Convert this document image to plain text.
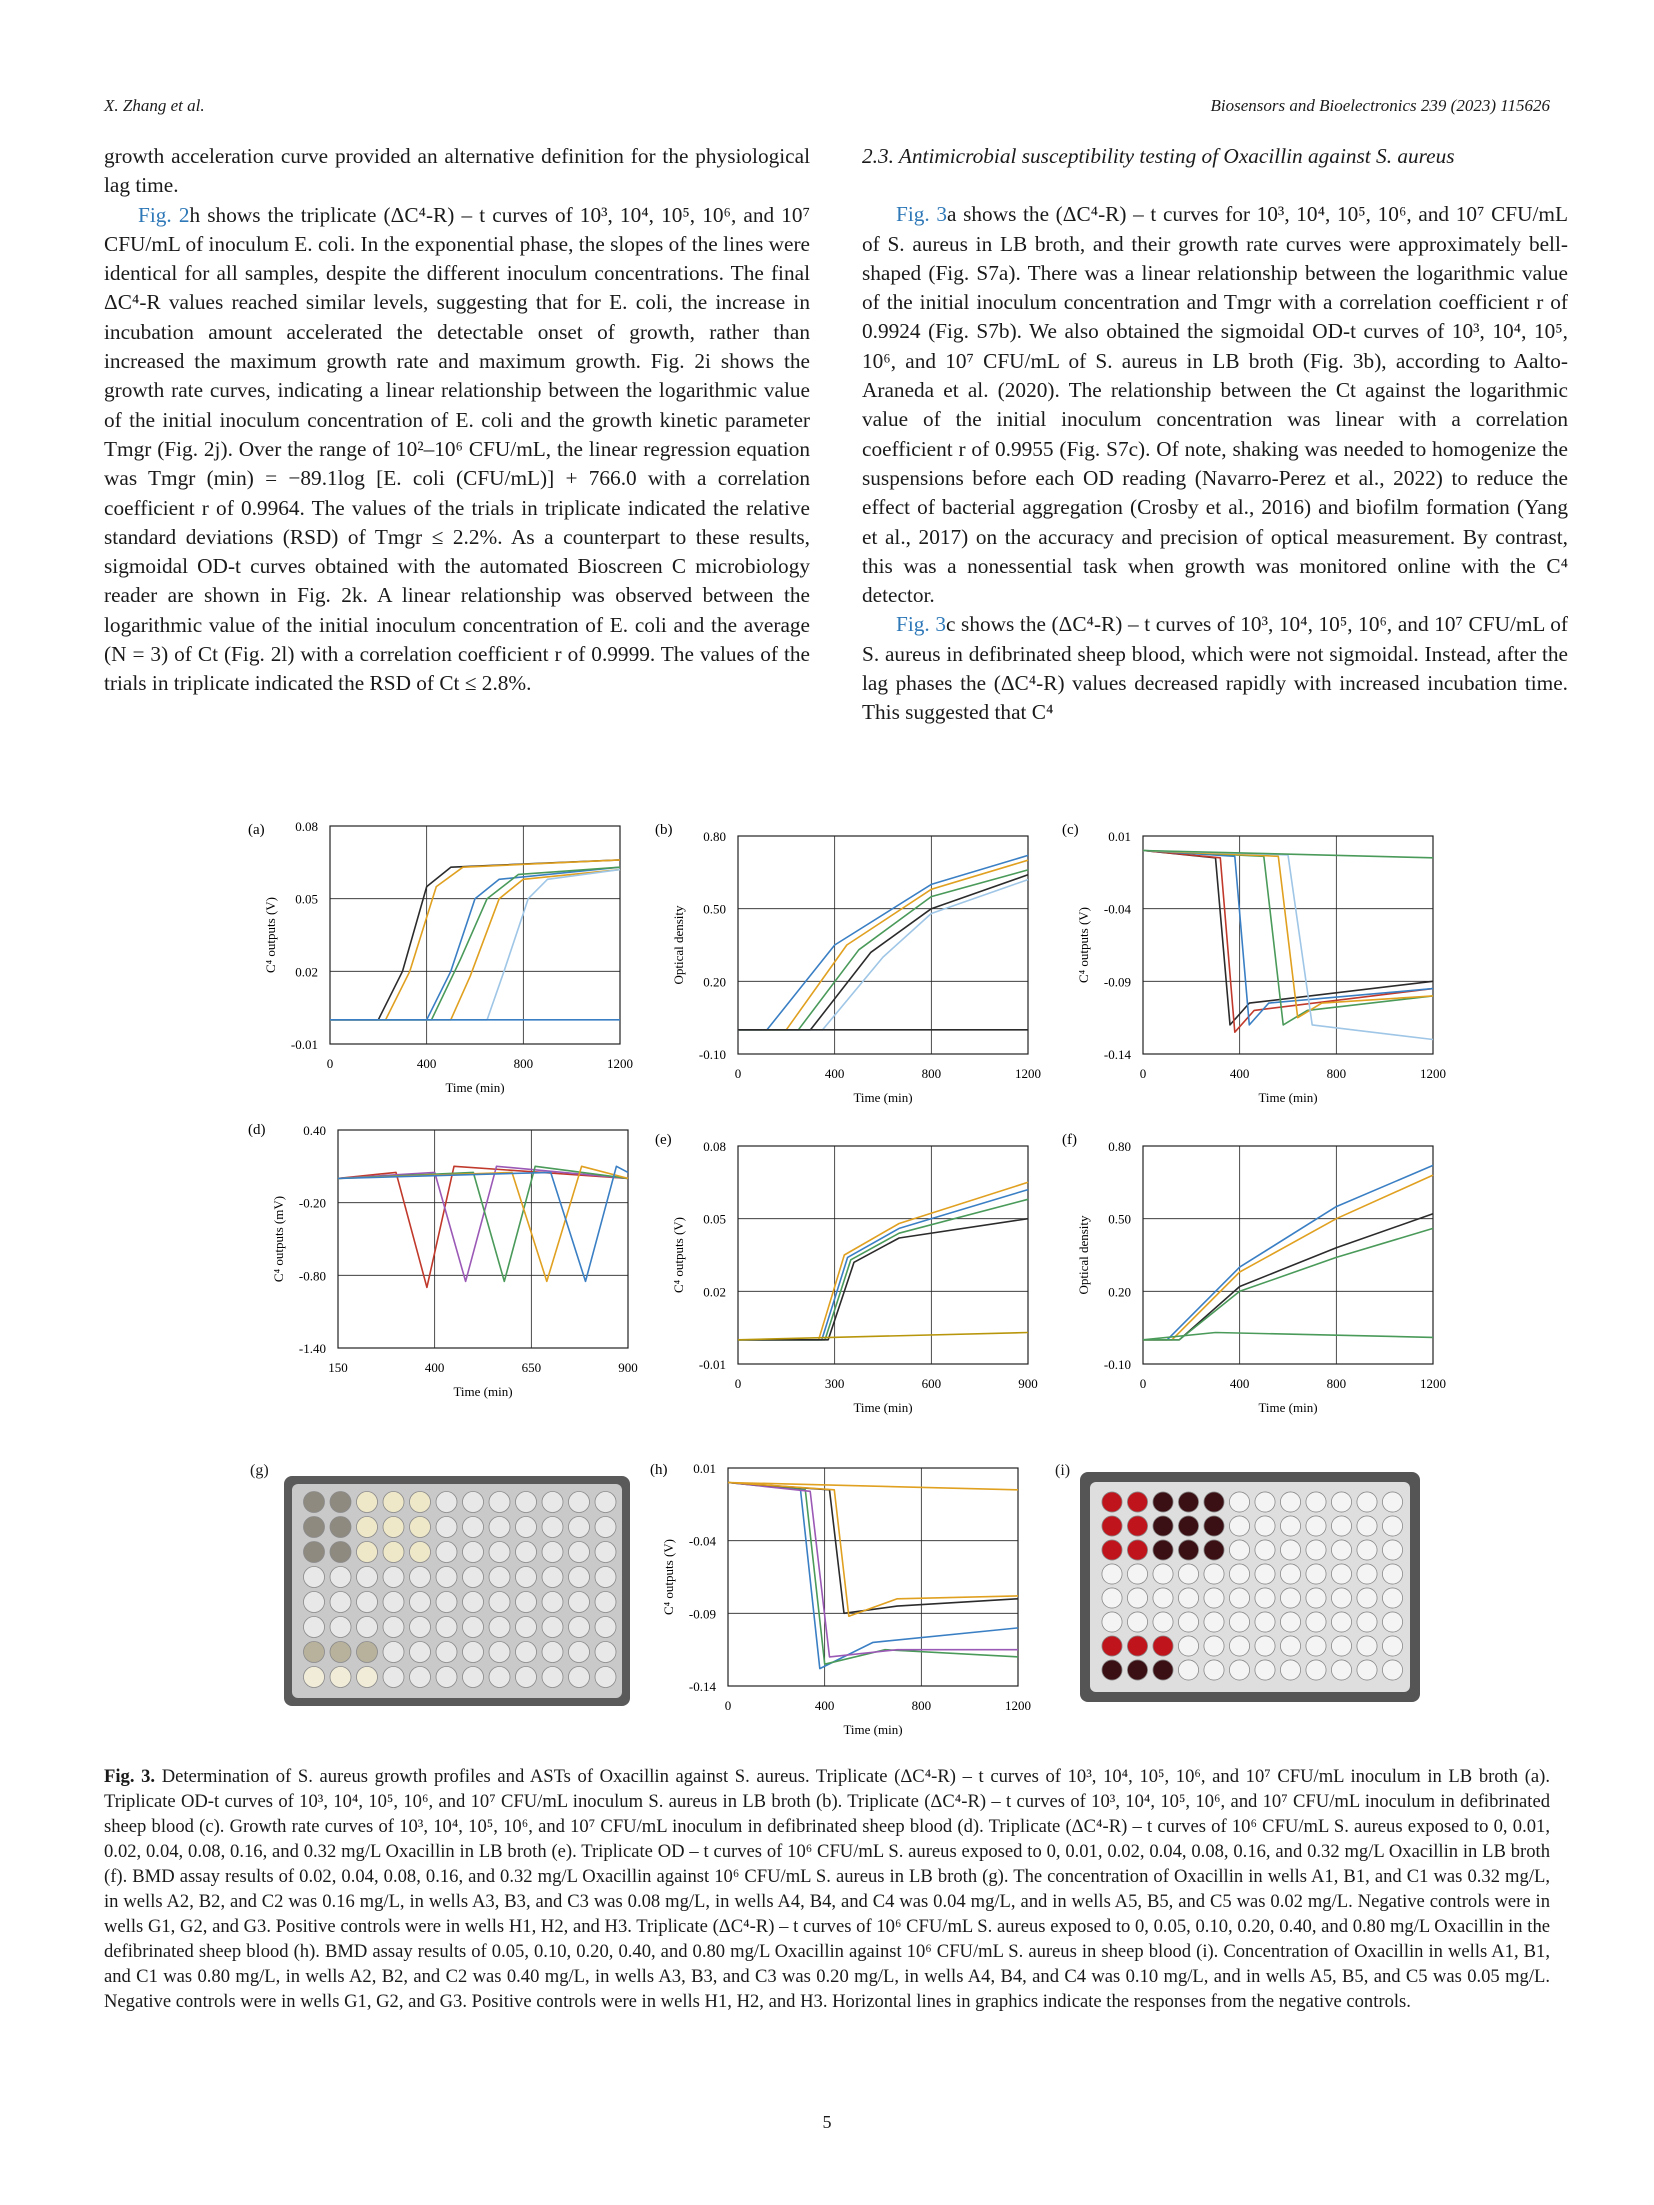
X. Zhang et al.	Biosensors and Bioelectronics 239 (2023) 115626

growth acceleration curve provided an alternative definition for the physiological lag time.

Fig. 2h shows the triplicate (ΔC⁴-R) – t curves of 10³, 10⁴, 10⁵, 10⁶, and 10⁷ CFU/mL of inoculum E. coli. In the exponential phase, the slopes of the lines were identical for all samples, despite the different inoculum concentrations. The final ΔC⁴-R values reached similar levels, suggesting that for E. coli, the increase in incubation amount accelerated the detectable onset of growth, rather than increased the maximum growth rate and maximum growth. Fig. 2i shows the growth rate curves, indicating a linear relationship between the logarithmic value of the initial inoculum concentration of E. coli and the growth kinetic parameter Tmgr (Fig. 2j). Over the range of 10²–10⁶ CFU/mL, the linear regression equation was Tmgr (min) = −89.1log [E. coli (CFU/mL)] + 766.0 with a correlation coefficient r of 0.9964. The values of the trials in triplicate indicated the relative standard deviations (RSD) of Tmgr ≤ 2.2%. As a counterpart to these results, sigmoidal OD-t curves obtained with the automated Bioscreen C microbiology reader are shown in Fig. 2k. A linear relationship was observed between the logarithmic value of the initial inoculum concentration of E. coli and the average (N = 3) of Ct (Fig. 2l) with a correlation coefficient r of 0.9999. The values of the trials in triplicate indicated the RSD of Ct ≤ 2.8%.

2.3. Antimicrobial susceptibility testing of Oxacillin against S. aureus

Fig. 3a shows the (ΔC⁴-R) – t curves for 10³, 10⁴, 10⁵, 10⁶, and 10⁷ CFU/mL of S. aureus in LB broth, and their growth rate curves were approximately bell-shaped (Fig. S7a). There was a linear relationship between the logarithmic value of the initial inoculum concentration and Tmgr with a correlation coefficient r of 0.9924 (Fig. S7b). We also obtained the sigmoidal OD-t curves of 10³, 10⁴, 10⁵, 10⁶, and 10⁷ CFU/mL of S. aureus in LB broth (Fig. 3b), according to Aalto-Araneda et al. (2020). The relationship between the Ct against the logarithmic value of the initial inoculum concentration was linear with a correlation coefficient r of 0.9955 (Fig. S7c). Of note, shaking was needed to homogenize the suspensions before each OD reading (Navarro-Perez et al., 2022) to reduce the effect of bacterial aggregation (Crosby et al., 2016) and biofilm formation (Yang et al., 2017) on the accuracy and precision of optical measurement. By contrast, this was a nonessential task when growth was monitored online with the C⁴ detector.

Fig. 3c shows the (ΔC⁴-R) – t curves of 10³, 10⁴, 10⁵, 10⁶, and 10⁷ CFU/mL of S. aureus in defibrinated sheep blood, which were not sigmoidal. Instead, after the lag phases the (ΔC⁴-R) values decreased rapidly with increased incubation time. This suggested that C⁴

(a) 0.08
0.05
0.02
-0.01
0	400	800	1200
Time (min)
C⁴ outputs (V)
(b) 0.80
0.50
0.20
-0.10
0	400	800	1200
Time (min)
Optical density
(c) 0.01
-0.04
-0.09
-0.14
0	400	800	1200
Time (min)
C⁴ outputs (V)
(d)	0.40
-0.20
-0.80
-1.40
150	400	650	900
Time (min)
C⁴ outputs (mV)
(e) 0.08
0.05
0.02
-0.01
0	300	600	900
Time (min)
C⁴ outputs (V)
(f) 0.80
0.50
0.20
-0.10
0	400	800	1200
Time (min)
Optical density
(h) 0.01
-0.04
-0.09
-0.14
0	400	800	1200
Time (min)
C⁴ outputs (V)
(g)	(i)
Fig. 3. Determination of S. aureus growth profiles and ASTs of Oxacillin against S. aureus. Triplicate (ΔC⁴-R) – t curves of 10³, 10⁴, 10⁵, 10⁶, and 10⁷ CFU/mL inoculum in LB broth (a). Triplicate OD-t curves of 10³, 10⁴, 10⁵, 10⁶, and 10⁷ CFU/mL inoculum S. aureus in LB broth (b). Triplicate (ΔC⁴-R) – t curves of 10³, 10⁴, 10⁵, 10⁶, and 10⁷ CFU/mL inoculum in defibrinated sheep blood (c). Growth rate curves of 10³, 10⁴, 10⁵, 10⁶, and 10⁷ CFU/mL inoculum in defibrinated sheep blood (d). Triplicate (ΔC⁴-R) – t curves of 10⁶ CFU/mL S. aureus exposed to 0, 0.01, 0.02, 0.04, 0.08, 0.16, and 0.32 mg/L Oxacillin in LB broth (e). Triplicate OD – t curves of 10⁶ CFU/mL S. aureus exposed to 0, 0.01, 0.02, 0.04, 0.08, 0.16, and 0.32 mg/L Oxacillin in LB broth (f). BMD assay results of 0.02, 0.04, 0.08, 0.16, and 0.32 mg/L Oxacillin against 10⁶ CFU/mL S. aureus in LB broth (g). The concentration of Oxacillin in wells A1, B1, and C1 was 0.32 mg/L, in wells A2, B2, and C2 was 0.16 mg/L, in wells A3, B3, and C3 was 0.08 mg/L, in wells A4, B4, and C4 was 0.04 mg/L, and in wells A5, B5, and C5 was 0.02 mg/L. Negative controls were in wells G1, G2, and G3. Positive controls were in wells H1, H2, and H3. Triplicate (ΔC⁴-R) – t curves of 10⁶ CFU/mL S. aureus exposed to 0, 0.05, 0.10, 0.20, 0.40, and 0.80 mg/L Oxacillin in the defibrinated sheep blood (h). BMD assay results of 0.05, 0.10, 0.20, 0.40, and 0.80 mg/L Oxacillin against 10⁶ CFU/mL S. aureus in sheep blood (i). Concentration of Oxacillin in wells A1, B1, and C1 was 0.80 mg/L, in wells A2, B2, and C2 was 0.40 mg/L, in wells A3, B3, and C3 was 0.20 mg/L, in wells A4, B4, and C4 was 0.10 mg/L, and in wells A5, B5, and C5 was 0.05 mg/L. Negative controls were in wells G1, G2, and G3. Positive controls were in wells H1, H2, and H3. Horizontal lines in graphics indicate the responses from the negative controls.
5
